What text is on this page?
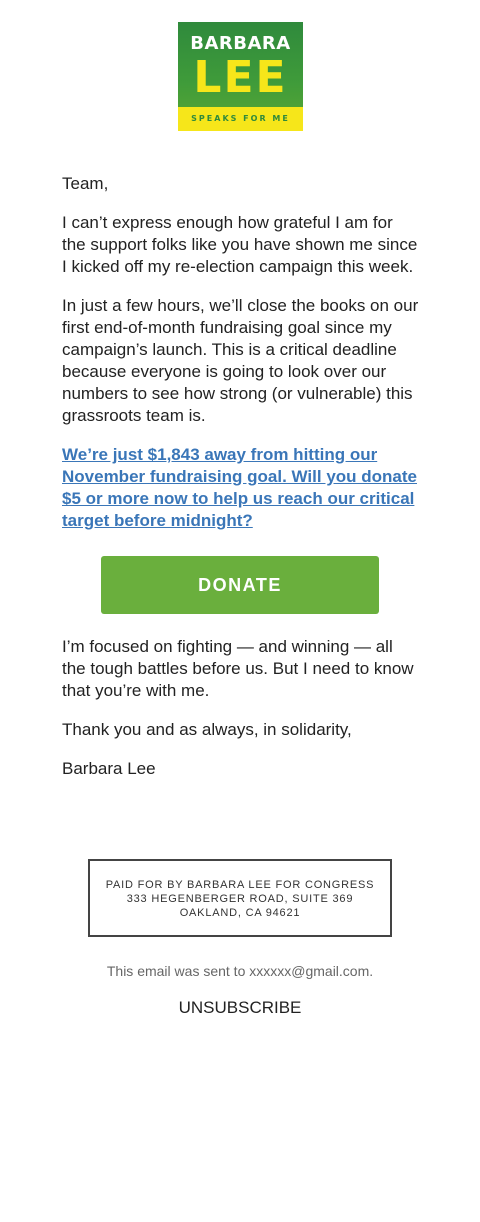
BARBARA
LEE
SPEAKS FOR ME

Team,

I can’t express enough how grateful I am for the support folks like you have shown me since I kicked off my re-election campaign this week.

In just a few hours, we’ll close the books on our first end-of-month fundraising goal since my campaign’s launch. This is a critical deadline because everyone is going to look over our numbers to see how strong (or vulnerable) this grassroots team is.

We’re just $1,843 away from hitting our November fundraising goal. Will you donate $5 or more now to help us reach our critical target before midnight?

DONATE

I’m focused on fighting — and winning — all the tough battles before us. But I need to know that you’re with me.

Thank you and as always, in solidarity,

Barbara Lee

PAID FOR BY BARBARA LEE FOR CONGRESS
333 HEGENBERGER ROAD, SUITE 369
OAKLAND, CA 94621
This email was sent to xxxxxx@gmail.com.
UNSUBSCRIBE
